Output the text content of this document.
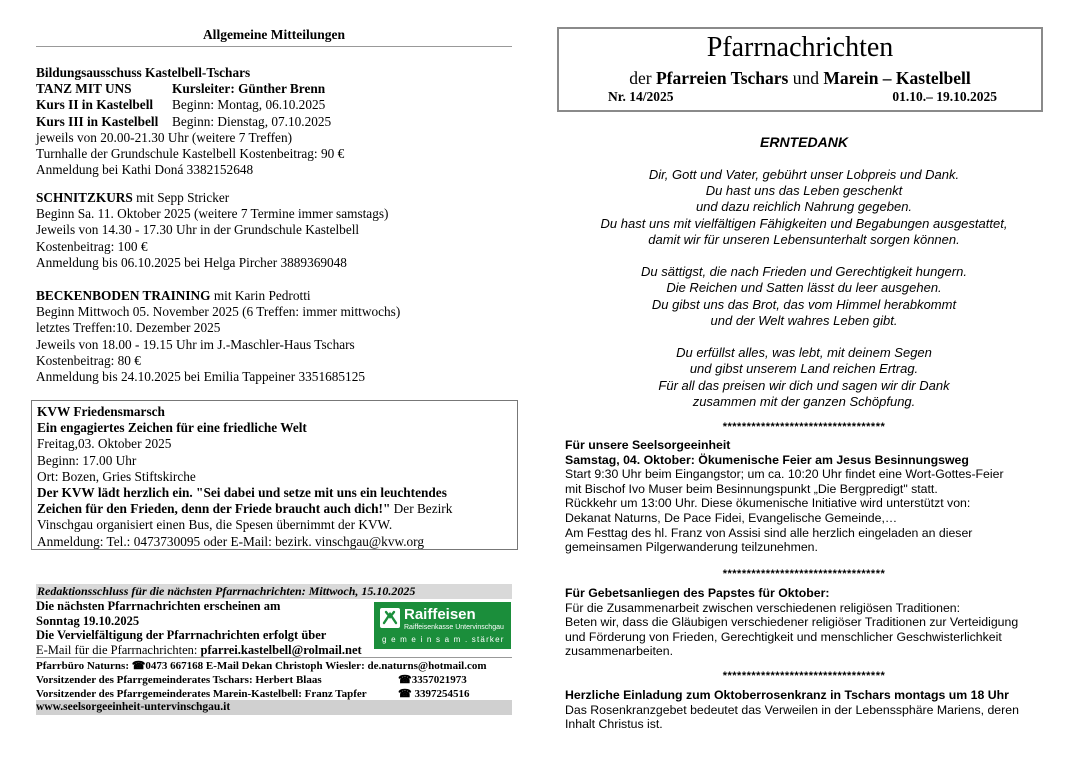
Allgemeine Mitteilungen
Bildungsausschuss Kastelbell-Tschars
TANZ MIT UNS	Kursleiter: Günther Brenn
Kurs II in Kastelbell Beginn: Montag, 06.10.2025
Kurs III in Kastelbell Beginn: Dienstag, 07.10.2025
jeweils von 20.00-21.30 Uhr (weitere 7 Treffen)
Turnhalle der Grundschule Kastelbell Kostenbeitrag: 90 €
Anmeldung bei Kathi Doná 3382152648
SCHNITZKURS mit Sepp Stricker
Beginn Sa. 11. Oktober 2025 (weitere 7 Termine immer samstags)
Jeweils von 14.30 - 17.30 Uhr in der Grundschule Kastelbell
Kostenbeitrag: 100 €
Anmeldung bis 06.10.2025 bei Helga Pircher 3889369048
BECKENBODEN TRAINING mit Karin Pedrotti
Beginn Mittwoch 05. November 2025 (6 Treffen: immer mittwochs)
letztes Treffen:10. Dezember 2025
Jeweils von 18.00 - 19.15 Uhr im J.-Maschler-Haus Tschars
Kostenbeitrag: 80 €
Anmeldung bis 24.10.2025 bei Emilia Tappeiner 3351685125
KVW Friedensmarsch
Ein engagiertes Zeichen für eine friedliche Welt
Freitag,03. Oktober 2025
Beginn: 17.00 Uhr
Ort: Bozen, Gries Stiftskirche
Der KVW lädt herzlich ein. "Sei dabei und setze mit uns ein leuchtendes
Zeichen für den Frieden, denn der Friede braucht auch dich!" Der Bezirk
Vinschgau organisiert einen Bus, die Spesen übernimmt der KVW.
Anmeldung: Tel.: 0473730095 oder E-Mail: bezirk. vinschgau@kvw.org
Redaktionsschluss für die nächsten Pfarrnachrichten: Mittwoch, 15.10.2025
Die nächsten Pfarrnachrichten erscheinen am
Sonntag 19.10.2025
Die Vervielfältigung der Pfarrnachrichten erfolgt über
E-Mail für die Pfarrnachrichten: pfarrei.kastelbell@rolmail.net
Raiffeisen
Raiffeisenkasse Untervinschgau
g e m e i n s a m . stärker
Pfarrbüro Naturns: ☎0473 667168 E-Mail Dekan Christoph Wiesler: de.naturns@hotmail.com
Vorsitzender des Pfarrgemeinderates Tschars: Herbert Blaas	☎3357021973
Vorsitzender des Pfarrgemeinderates Marein-Kastelbell: Franz Tapfer	☎ 3397254516
www.seelsorgeeinheit-untervinschgau.it
Pfarrnachrichten
der Pfarreien Tschars und Marein – Kastelbell
Nr. 14/2025	01.10.– 19.10.2025
ERNTEDANK
Dir, Gott und Vater, gebührt unser Lobpreis und Dank.
Du hast uns das Leben geschenkt
und dazu reichlich Nahrung gegeben.
Du hast uns mit vielfältigen Fähigkeiten und Begabungen ausgestattet,
damit wir für unseren Lebensunterhalt sorgen können.
Du sättigst, die nach Frieden und Gerechtigkeit hungern.
Die Reichen und Satten lässt du leer ausgehen.
Du gibst uns das Brot, das vom Himmel herabkommt
und der Welt wahres Leben gibt.
Du erfüllst alles, was lebt, mit deinem Segen
und gibst unserem Land reichen Ertrag.
Für all das preisen wir dich und sagen wir dir Dank
zusammen mit der ganzen Schöpfung.
**********************************
Für unsere Seelsorgeeinheit
Samstag, 04. Oktober: Ökumenische Feier am Jesus Besinnungsweg
Start 9:30 Uhr beim Eingangstor; um ca. 10:20 Uhr findet eine Wort-Gottes-Feier
mit Bischof Ivo Muser beim Besinnungspunkt „Die Bergpredigt" statt.
Rückkehr um 13:00 Uhr. Diese ökumenische Initiative wird unterstützt von:
Dekanat Naturns, De Pace Fidei, Evangelische Gemeinde,…
Am Festtag des hl. Franz von Assisi sind alle herzlich eingeladen an dieser
gemeinsamen Pilgerwanderung teilzunehmen.
**********************************
Für Gebetsanliegen des Papstes für Oktober:
Für die Zusammenarbeit zwischen verschiedenen religiösen Traditionen:
Beten wir, dass die Gläubigen verschiedener religiöser Traditionen zur Verteidigung
und Förderung von Frieden, Gerechtigkeit und menschlicher Geschwisterlichkeit
zusammenarbeiten.
**********************************
Herzliche Einladung zum Oktoberrosenkranz in Tschars montags um 18 Uhr
Das Rosenkranzgebet bedeutet das Verweilen in der Lebenssphäre Mariens, deren
Inhalt Christus ist.
